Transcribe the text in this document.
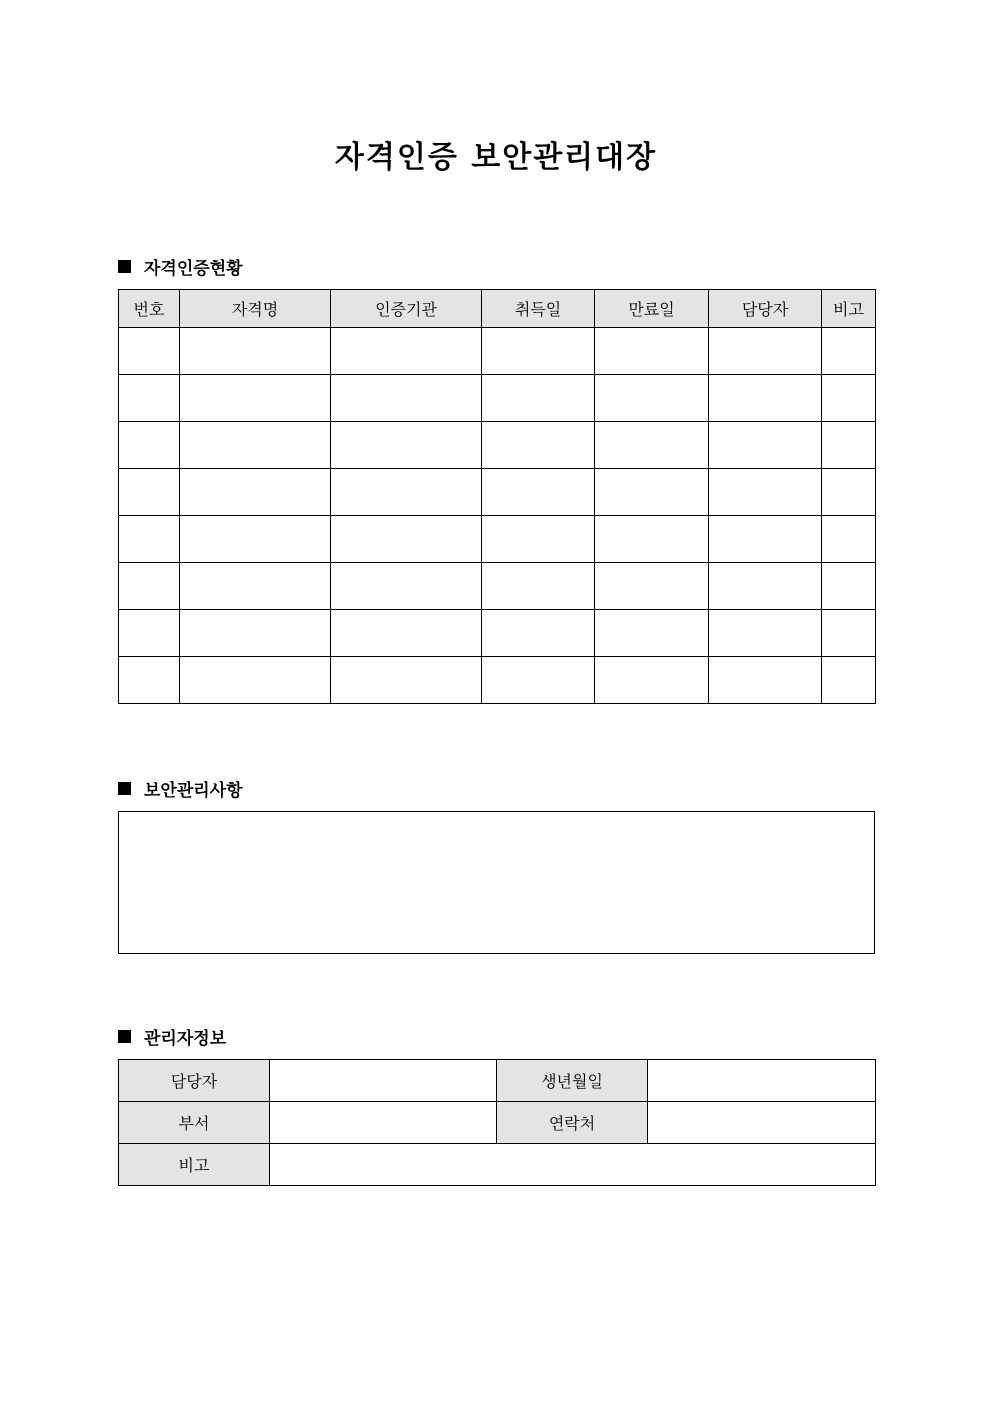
자격인증 보안관리대장
자격인증현황
번호	자격명	인증기관	취득일	만료일	담당자	비고

보안관리사항
관리자정보
담당자		생년월일	
부서		연락처	
비고			
